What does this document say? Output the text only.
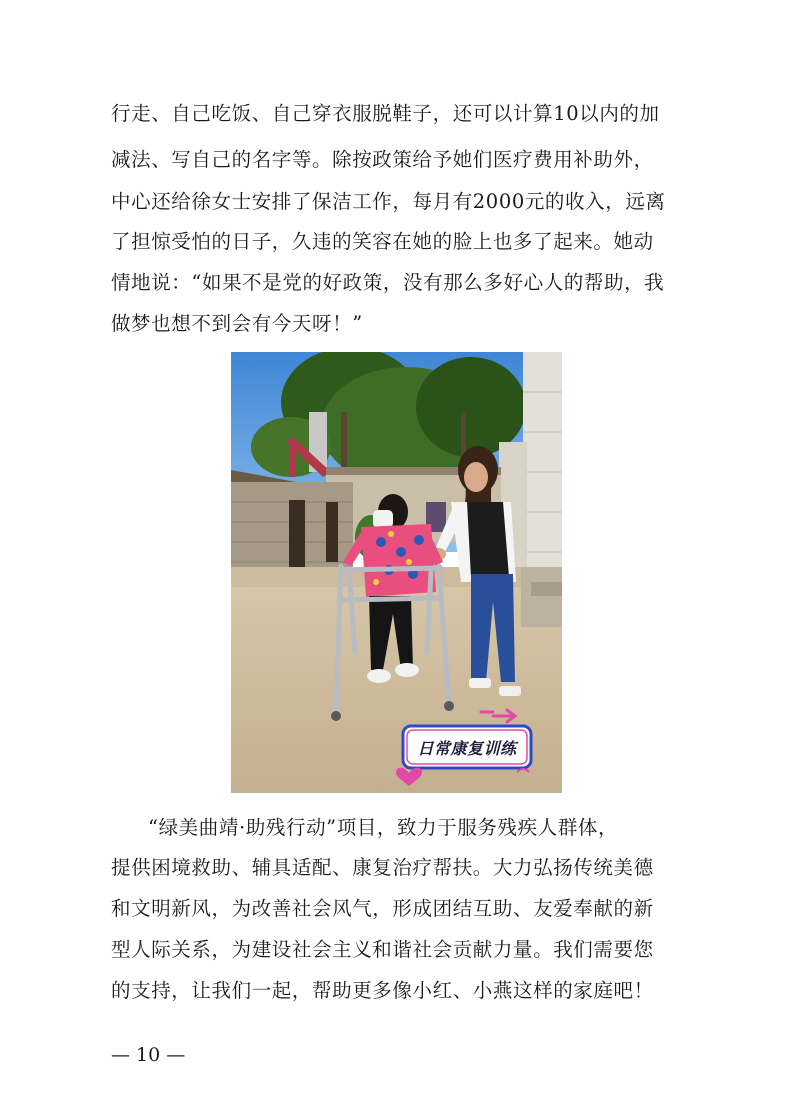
行走、自己吃饭、自己穿衣服脱鞋子，还可以计算10以内的加
减法、写自己的名字等。除按政策给予她们医疗费用补助外，
中心还给徐女士安排了保洁工作，每月有2000元的收入，远离
了担惊受怕的日子，久违的笑容在她的脸上也多了起来。她动
情地说：“如果不是党的好政策，没有那么多好心人的帮助，我
做梦也想不到会有今天呀！”
日常康复训练
“绿美曲靖·助残行动”项目，致力于服务残疾人群体，
提供困境救助、辅具适配、康复治疗帮扶。大力弘扬传统美德
和文明新风，为改善社会风气，形成团结互助、友爱奉献的新
型人际关系，为建设社会主义和谐社会贡献力量。我们需要您
的支持，让我们一起，帮助更多像小红、小燕这样的家庭吧！
— 10 —
